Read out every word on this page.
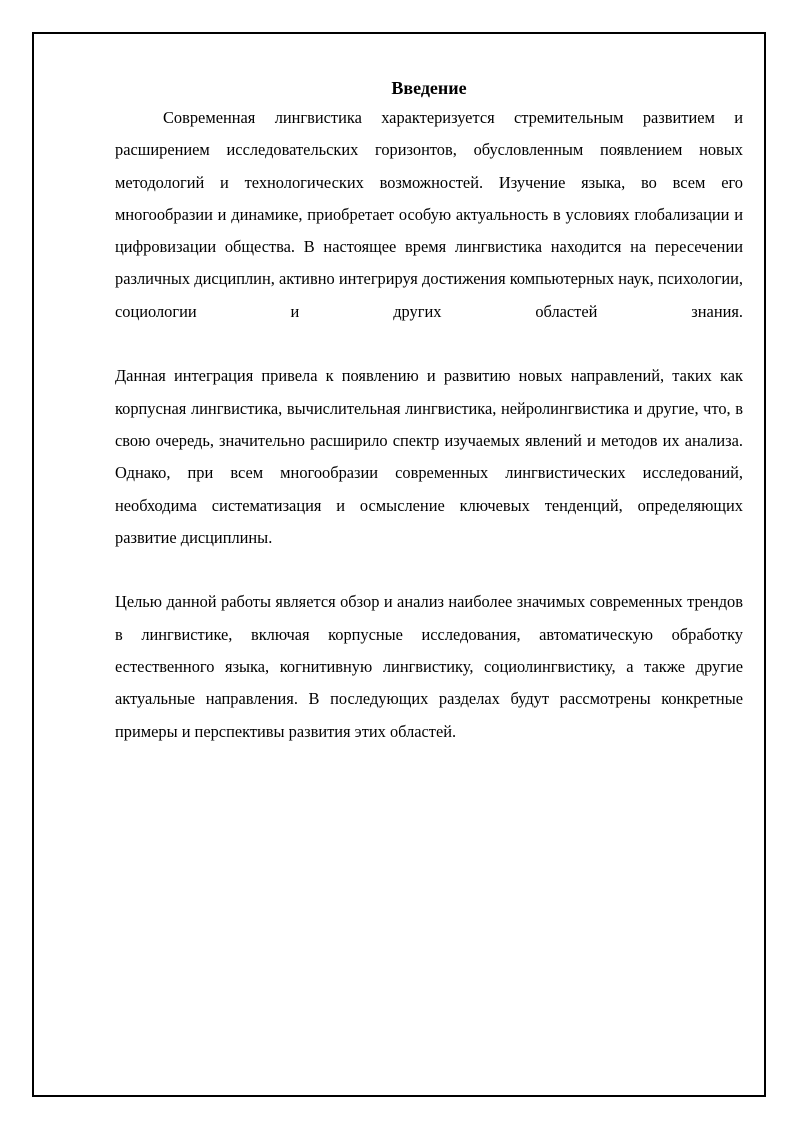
Введение

Современная лингвистика характеризуется стремительным развитием и расширением исследовательских горизонтов, обусловленным появлением новых методологий и технологических возможностей. Изучение языка, во всем его многообразии и динамике, приобретает особую актуальность в условиях глобализации и цифровизации общества. В настоящее время лингвистика находится на пересечении различных дисциплин, активно интегрируя достижения компьютерных наук, психологии, социологии и других областей знания.

Данная интеграция привела к появлению и развитию новых направлений, таких как корпусная лингвистика, вычислительная лингвистика, нейролингвистика и другие, что, в свою очередь, значительно расширило спектр изучаемых явлений и методов их анализа. Однако, при всем многообразии современных лингвистических исследований, необходима систематизация и осмысление ключевых тенденций, определяющих развитие дисциплины.

Целью данной работы является обзор и анализ наиболее значимых современных трендов в лингвистике, включая корпусные исследования, автоматическую обработку естественного языка, когнитивную лингвистику, социолингвистику, а также другие актуальные направления. В последующих разделах будут рассмотрены конкретные примеры и перспективы развития этих областей.
